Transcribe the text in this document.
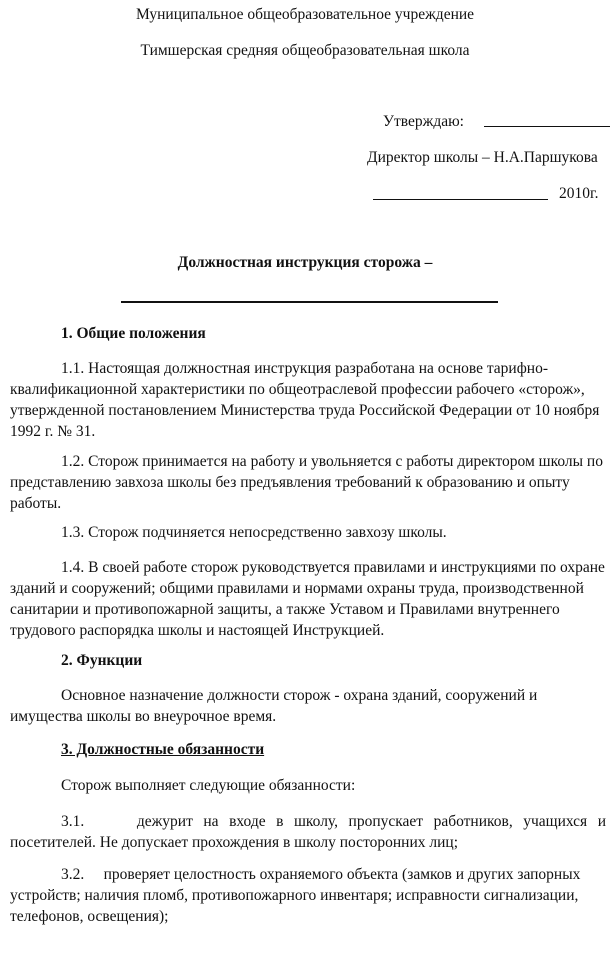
Муниципальное общеобразовательное учреждение
Тимшерская средняя общеобразовательная школа
Утверждаю:
Директор школы – Н.А.Паршукова
2010г.
Должностная инструкция сторожа –
1. Общие положения
1.1. Настоящая должностная инструкция разработана на основе тарифно-
квалификационной характеристики по общеотраслевой профессии рабочего «сторож», утвержденной постановлением Министерства труда Российской Федерации от 10 ноября 1992 г. № 31.
1.2. Сторож принимается на работу и увольняется с работы директором школы по
представлению завхоза школы без предъявления требований к образованию и опыту работы.
1.3. Сторож подчиняется непосредственно завхозу школы.
1.4. В своей работе сторож руководствуется правилами и инструкциями по охране
зданий и сооружений; общими правилами и нормами охраны труда, производственной санитарии и противопожарной защиты, а также Уставом и Правилами внутреннего трудового распорядка школы и настоящей Инструкцией.
2. Функции
Основное назначение должности сторож - охрана зданий, сооружений и
имущества школы во внеурочное время.
3. Должностные обязанности
Сторож выполняет следующие обязанности:
3.1.     дежурит на входе в школу, пропускает работников, учащихся и
посетителей. Не допускает прохождения в школу посторонних лиц;
3.2.     проверяет целостность охраняемого объекта (замков и других запорных
устройств; наличия пломб, противопожарного инвентаря; исправности сигнализации, телефонов, освещения);
